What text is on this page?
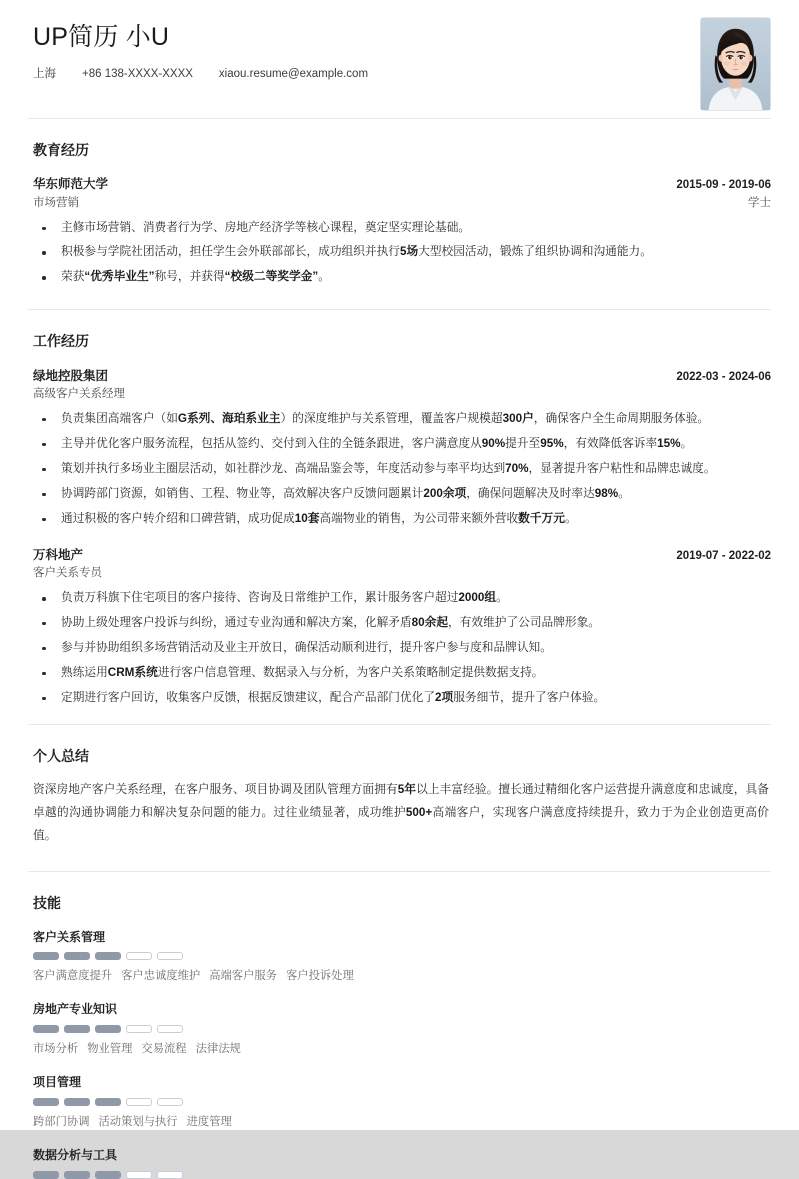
UP简历 小U
上海 +86 138-XXXX-XXXX xiaou.resume@example.com
教育经历
华东师范大学	2015-09 - 2019-06
市场营销	学士
主修市场营销、消费者行为学、房地产经济学等核心课程，奠定坚实理论基础。
积极参与学院社团活动，担任学生会外联部部长，成功组织并执行5场大型校园活动，锻炼了组织协调和沟通能力。
荣获“优秀毕业生”称号，并获得“校级二等奖学金”。
工作经历
绿地控股集团	2022-03 - 2024-06
高级客户关系经理
负责集团高端客户（如G系列、海珀系业主）的深度维护与关系管理，覆盖客户规模超300户，确保客户全生命周期服务体验。
主导并优化客户服务流程，包括从签约、交付到入住的全链条跟进，客户满意度从90%提升至95%，有效降低客诉率15%。
策划并执行多场业主圈层活动，如社群沙龙、高端品鉴会等，年度活动参与率平均达到70%，显著提升客户粘性和品牌忠诚度。
协调跨部门资源，如销售、工程、物业等，高效解决客户反馈问题累计200余项，确保问题解决及时率达98%。
通过积极的客户转介绍和口碑营销，成功促成10套高端物业的销售，为公司带来额外营收数千万元。
万科地产	2019-07 - 2022-02
客户关系专员
负责万科旗下住宅项目的客户接待、咨询及日常维护工作，累计服务客户超过2000组。
协助上级处理客户投诉与纠纷，通过专业沟通和解决方案，化解矛盾80余起，有效维护了公司品牌形象。
参与并协助组织多场营销活动及业主开放日，确保活动顺利进行，提升客户参与度和品牌认知。
熟练运用CRM系统进行客户信息管理、数据录入与分析，为客户关系策略制定提供数据支持。
定期进行客户回访，收集客户反馈，根据反馈建议，配合产品部门优化了2项服务细节，提升了客户体验。
个人总结

资深房地产客户关系经理，在客户服务、项目协调及团队管理方面拥有5年以上丰富经验。擅长通过精细化客户运营提升满意度和忠诚度，具备卓越的沟通协调能力和解决复杂问题的能力。过往业绩显著，成功维护500+高端客户，实现客户满意度持续提升，致力于为企业创造更高价值。

技能
客户关系管理
客户满意度提升 客户忠诚度维护 高端客户服务 客户投诉处理
房地产专业知识
市场分析 物业管理 交易流程 法律法规
项目管理
跨部门协调 活动策划与执行 进度管理
数据分析与工具
